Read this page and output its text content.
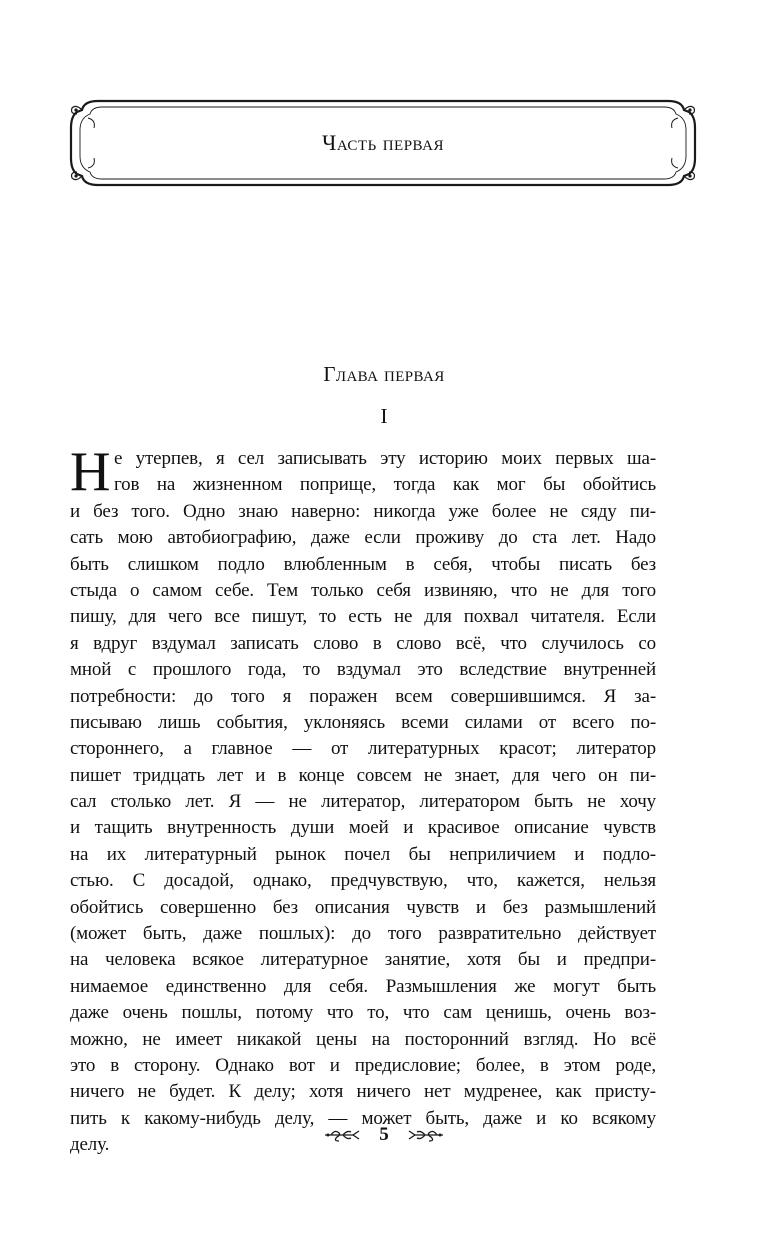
Часть первая
Глава первая
I
Н е утерпев, я сел записывать эту историю моих первых ша-
гов на жизненном поприще, тогда как мог бы обойтись
и без того. Одно знаю наверно: никогда уже более не сяду пи-
сать мою автобиографию, даже если проживу до ста лет. Надо
быть слишком подло влюбленным в себя, чтобы писать без
стыда о самом себе. Тем только себя извиняю, что не для того
пишу, для чего все пишут, то есть не для похвал читателя. Если
я вдруг вздумал записать слово в слово всё, что случилось со
мной с прошлого года, то вздумал это вследствие внутренней
потребности: до того я поражен всем совершившимся. Я за-
писываю лишь события, уклоняясь всеми силами от всего по-
стороннего, а главное — от литературных красот; литератор
пишет тридцать лет и в конце совсем не знает, для чего он пи-
сал столько лет. Я — не литератор, литератором быть не хочу
и тащить внутренность души моей и красивое описание чувств
на их литературный рынок почел бы неприличием и подло-
стью. С досадой, однако, предчувствую, что, кажется, нельзя
обойтись совершенно без описания чувств и без размышлений
(может быть, даже пошлых): до того развратительно действует
на человека всякое литературное занятие, хотя бы и предпри-
нимаемое единственно для себя. Размышления же могут быть
даже очень пошлы, потому что то, что сам ценишь, очень воз-
можно, не имеет никакой цены на посторонний взгляд. Но всё
это в сторону. Однако вот и предисловие; более, в этом роде,
ничего не будет. К делу; хотя ничего нет мудренее, как присту-
пить к какому-нибудь делу, — может быть, даже и ко всякому
делу.	5
